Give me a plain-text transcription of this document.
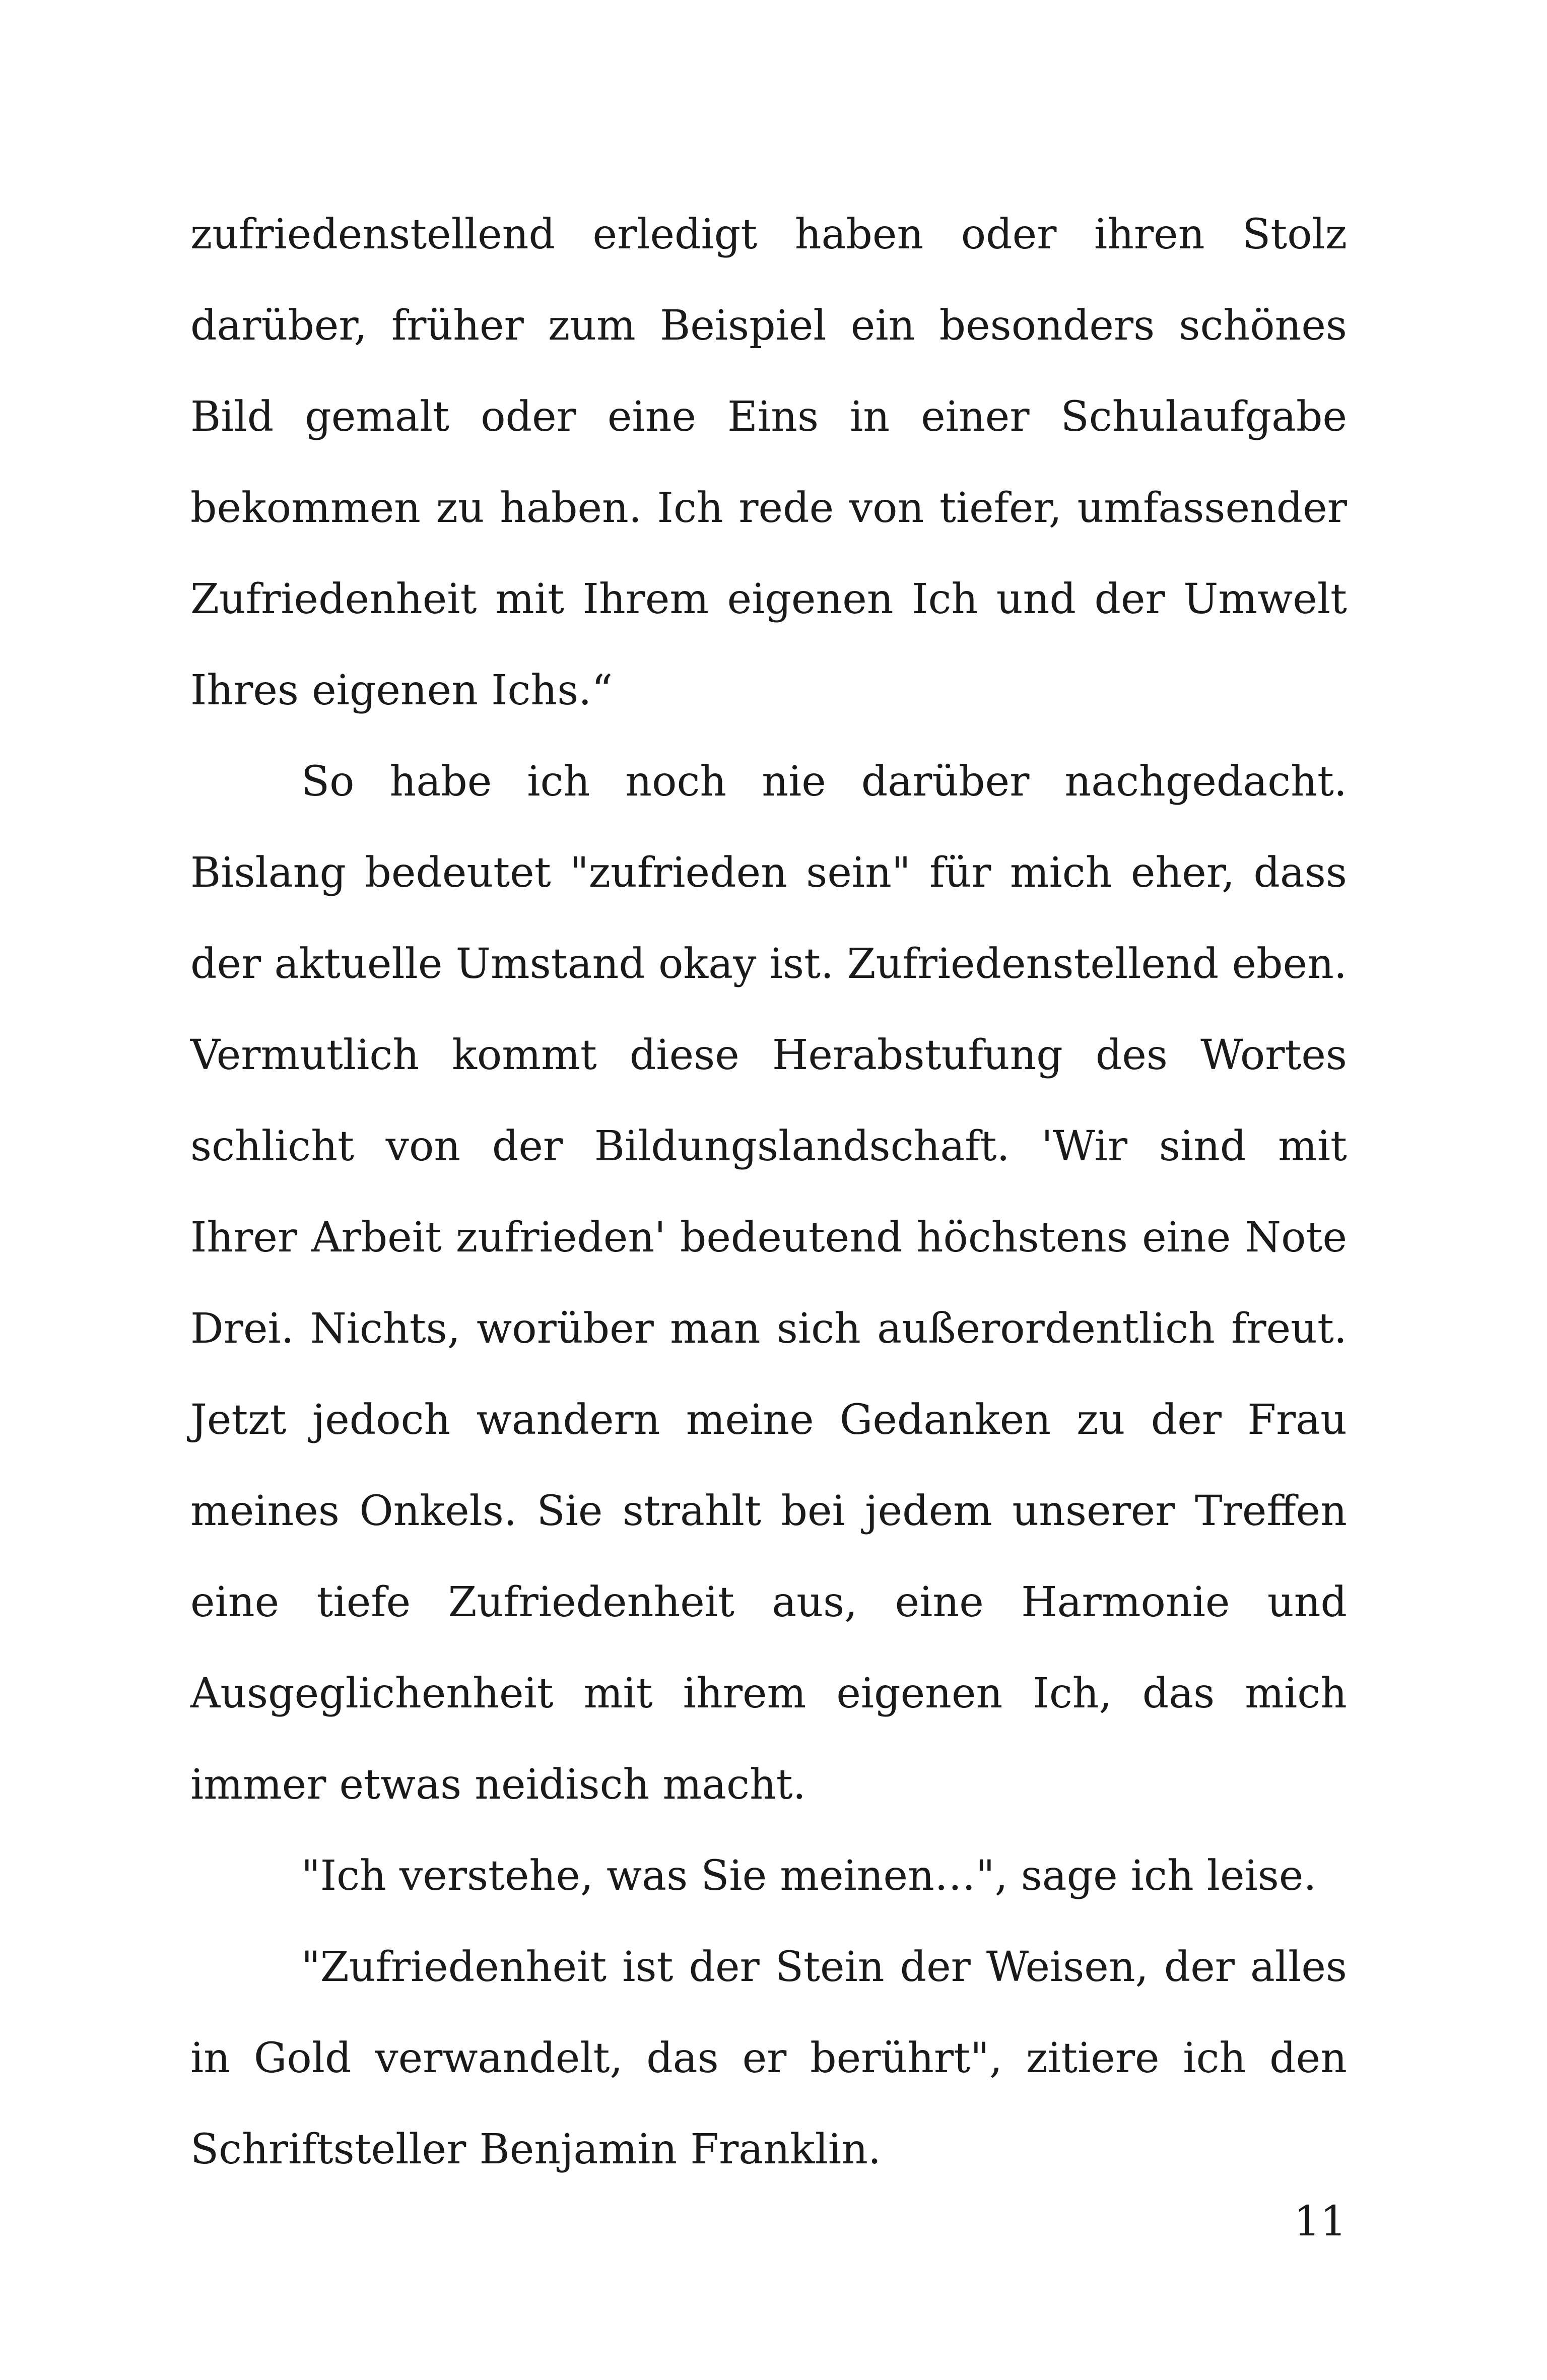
zufriedenstellend erledigt haben oder ihren Stolz darüber, früher zum Beispiel ein besonders schönes Bild gemalt oder eine Eins in einer Schulaufgabe bekommen zu haben. Ich rede von tiefer, umfassender Zufriedenheit mit Ihrem eigenen Ich und der Umwelt Ihres eigenen Ichs.“

So habe ich noch nie darüber nachgedacht. Bislang bedeutet "zufrieden sein" für mich eher, dass der aktuelle Umstand okay ist. Zufriedenstellend eben. Vermutlich kommt diese Herabstufung des Wortes schlicht von der Bildungslandschaft. 'Wir sind mit Ihrer Arbeit zufrieden' bedeutend höchstens eine Note Drei. Nichts, worüber man sich außerordentlich freut. Jetzt jedoch wandern meine Gedanken zu der Frau meines Onkels. Sie strahlt bei jedem unserer Treffen eine tiefe Zufriedenheit aus, eine Harmonie und Ausgeglichenheit mit ihrem eigenen Ich, das mich immer etwas neidisch macht.

"Ich verstehe, was Sie meinen…", sage ich leise.

"Zufriedenheit ist der Stein der Weisen, der alles in Gold verwandelt, das er berührt", zitiere ich den Schriftsteller Benjamin Franklin.

11
